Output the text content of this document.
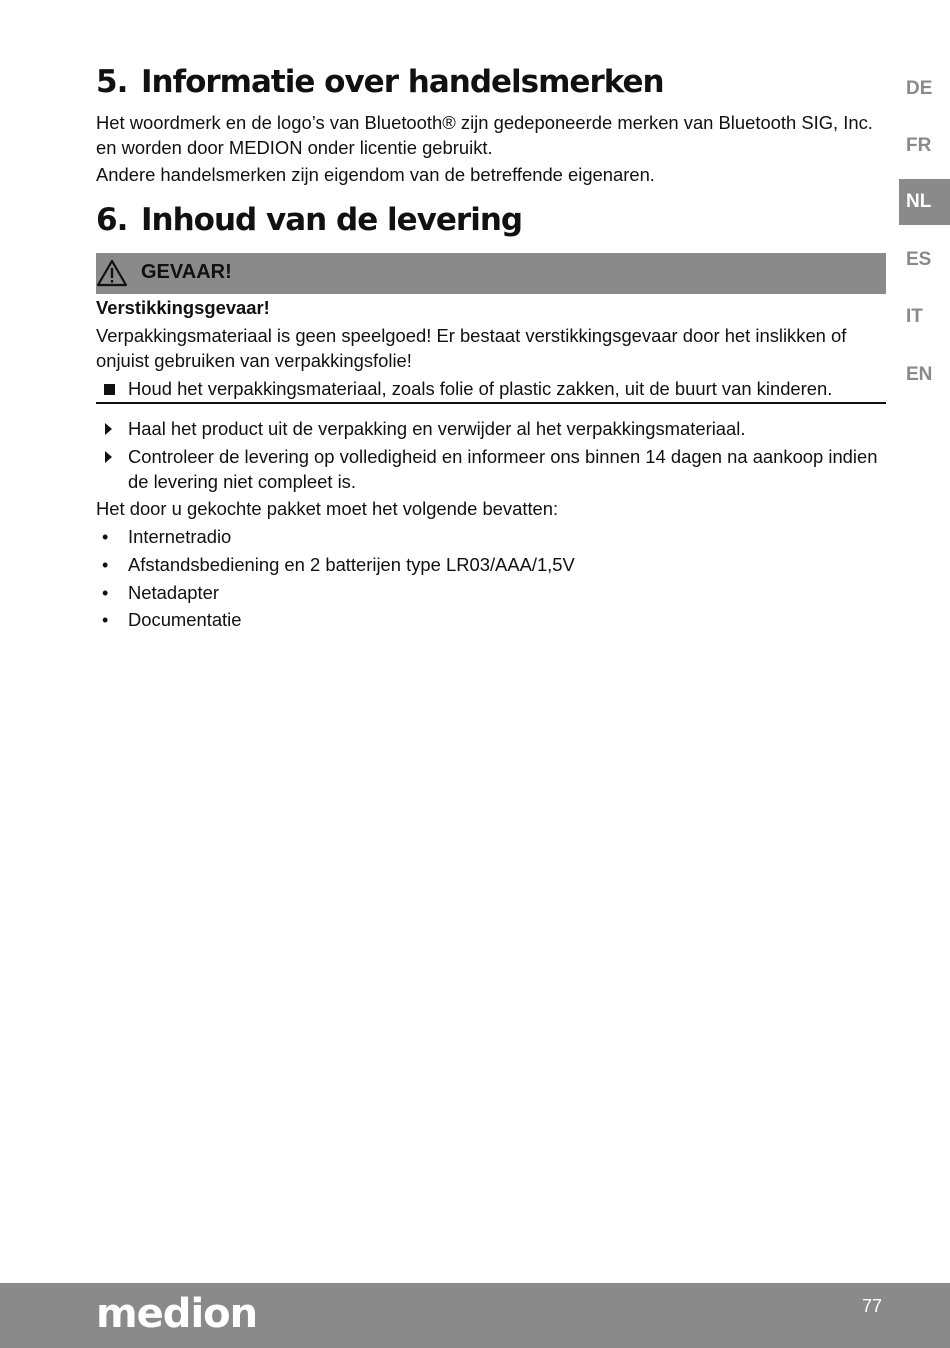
5. Informatie over handelsmerken

Het woordmerk en de logo’s van Bluetooth® zijn gedeponeerde merken van Bluetooth SIG, Inc. en worden door MEDION onder licentie gebruikt.

Andere handelsmerken zijn eigendom van de betreffende eigenaren.

6. Inhoud van de levering
GEVAAR!

Verstikkingsgevaar!

Verpakkingsmateriaal is geen speelgoed! Er bestaat verstikkingsgevaar door het inslikken of onjuist gebruiken van verpakkingsfolie!

Houd het verpakkingsmateriaal, zoals folie of plastic zakken, uit de buurt van kinderen.
Haal het product uit de verpakking en verwijder al het verpakkingsmateriaal.
Controleer de levering op volledigheid en informeer ons binnen 14 dagen na aankoop indien de levering niet compleet is.

Het door u gekochte pakket moet het volgende bevatten:

• Internetradio
• Afstandsbediening en 2 batterijen type LR03/AAA/1,5V
• Netadapter
• Documentatie
DE
FR
NL
ES
IT
EN
medion	77
